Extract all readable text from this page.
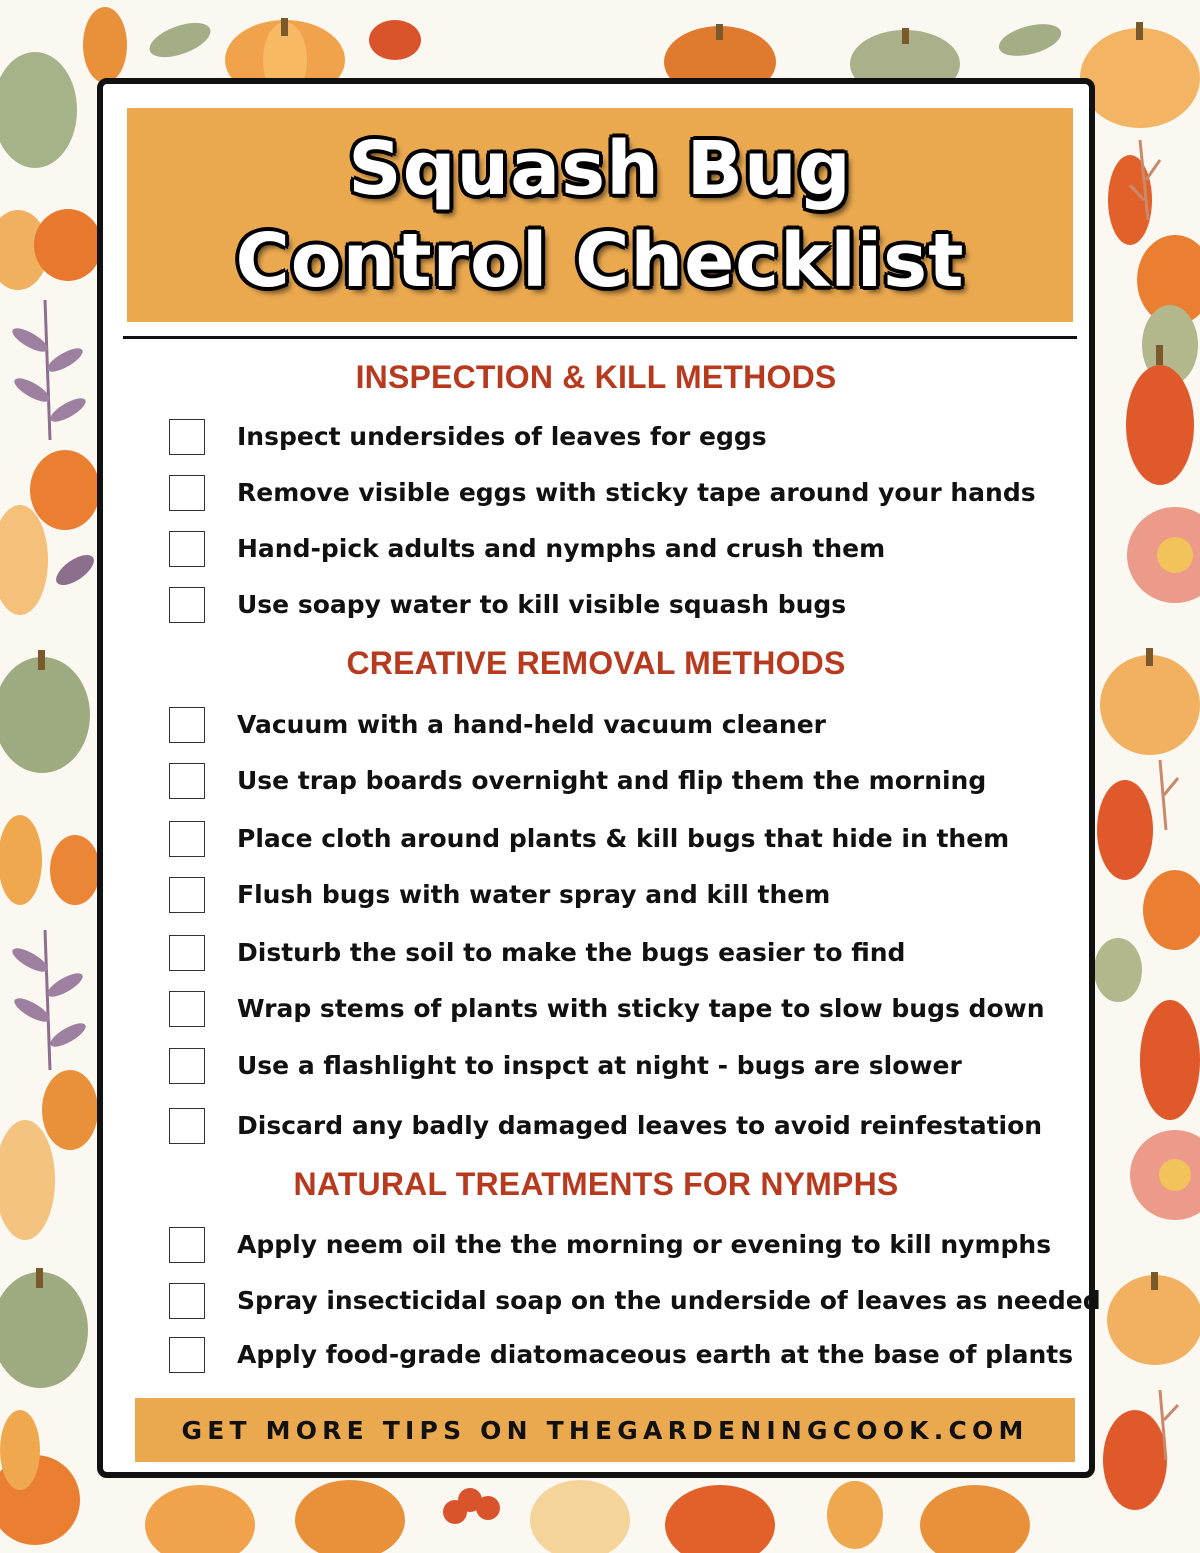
Squash Bug
Control Checklist
INSPECTION & KILL METHODS
Inspect undersides of leaves for eggs
Remove visible eggs with sticky tape around your hands
Hand-pick adults and nymphs and crush them
Use soapy water to kill visible squash bugs
CREATIVE REMOVAL METHODS
Vacuum with a hand-held vacuum cleaner
Use trap boards overnight and flip them the morning
Place cloth around plants & kill bugs that hide in them
Flush bugs with water spray and kill them
Disturb the soil to make the bugs easier to find
Wrap stems of plants with sticky tape to slow bugs down
Use a flashlight to inspct at night - bugs are slower
Discard any badly damaged leaves to avoid reinfestation
NATURAL TREATMENTS FOR NYMPHS
Apply neem oil the the morning or evening to kill nymphs
Spray insecticidal soap on the underside of leaves as needed
Apply food-grade diatomaceous earth at the base of plants
GET MORE TIPS ON THEGARDENINGCOOK.COM
